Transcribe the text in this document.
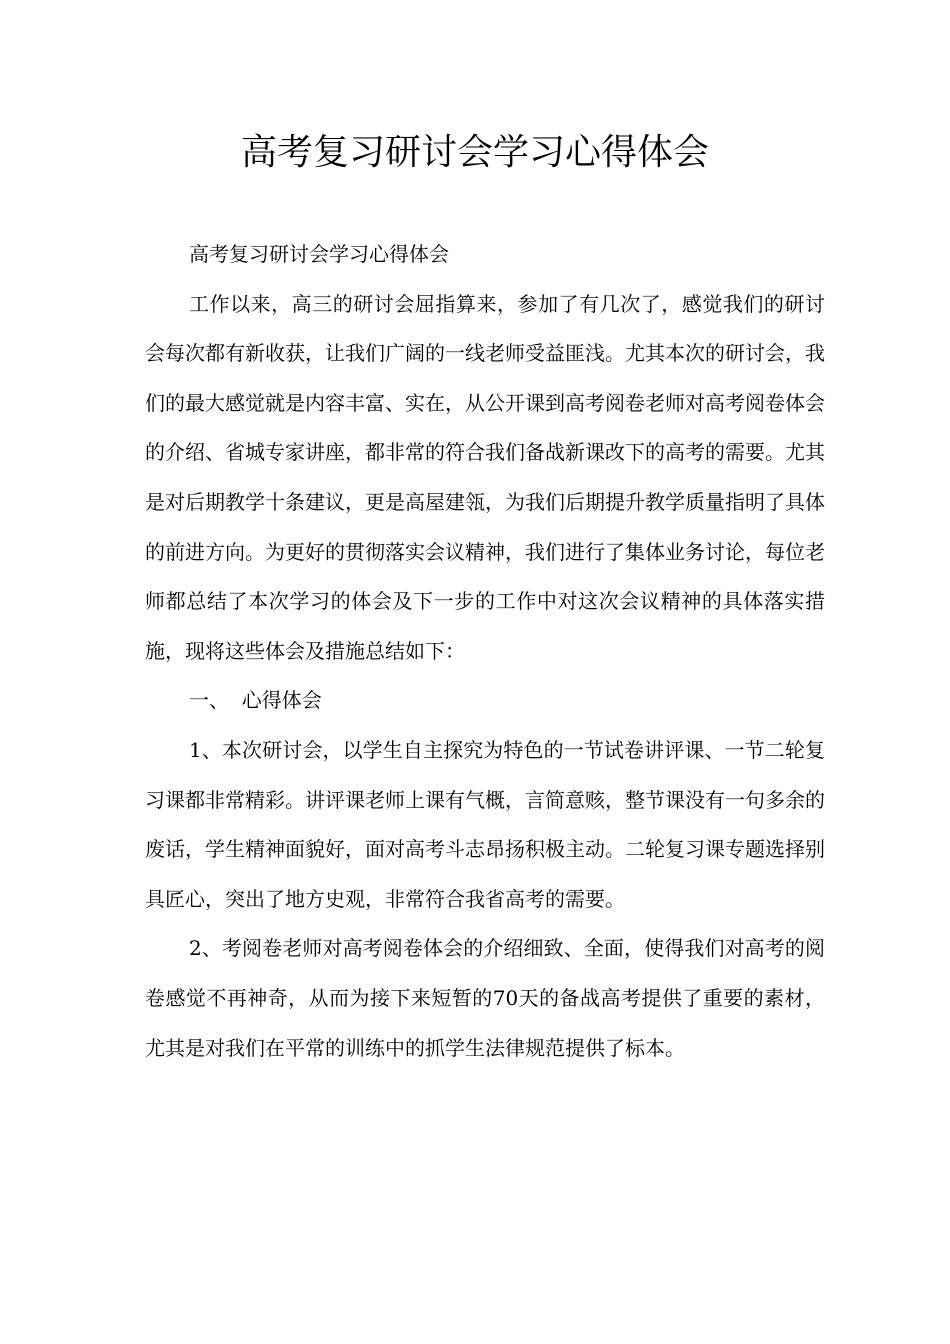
高考复习研讨会学习心得体会

高考复习研讨会学习心得体会

工作以来，高三的研讨会屈指算来，参加了有几次了，感觉我们的研讨会每次都有新收获，让我们广阔的一线老师受益匪浅。尤其本次的研讨会，我们的最大感觉就是内容丰富、实在，从公开课到高考阅卷老师对高考阅卷体会的介绍、省城专家讲座，都非常的符合我们备战新课改下的高考的需要。尤其是对后期教学十条建议，更是高屋建瓴，为我们后期提升教学质量指明了具体的前进方向。为更好的贯彻落实会议精神，我们进行了集体业务讨论，每位老师都总结了本次学习的体会及下一步的工作中对这次会议精神的具体落实措施，现将这些体会及措施总结如下：

一、  心得体会

1、本次研讨会，以学生自主探究为特色的一节试卷讲评课、一节二轮复习课都非常精彩。讲评课老师上课有气概，言简意赅，整节课没有一句多余的废话，学生精神面貌好，面对高考斗志昂扬积极主动。二轮复习课专题选择别具匠心，突出了地方史观，非常符合我省高考的需要。

2、考阅卷老师对高考阅卷体会的介绍细致、全面，使得我们对高考的阅卷感觉不再神奇，从而为接下来短暂的70天的备战高考提供了重要的素材，尤其是对我们在平常的训练中的抓学生法律规范提供了标本。
